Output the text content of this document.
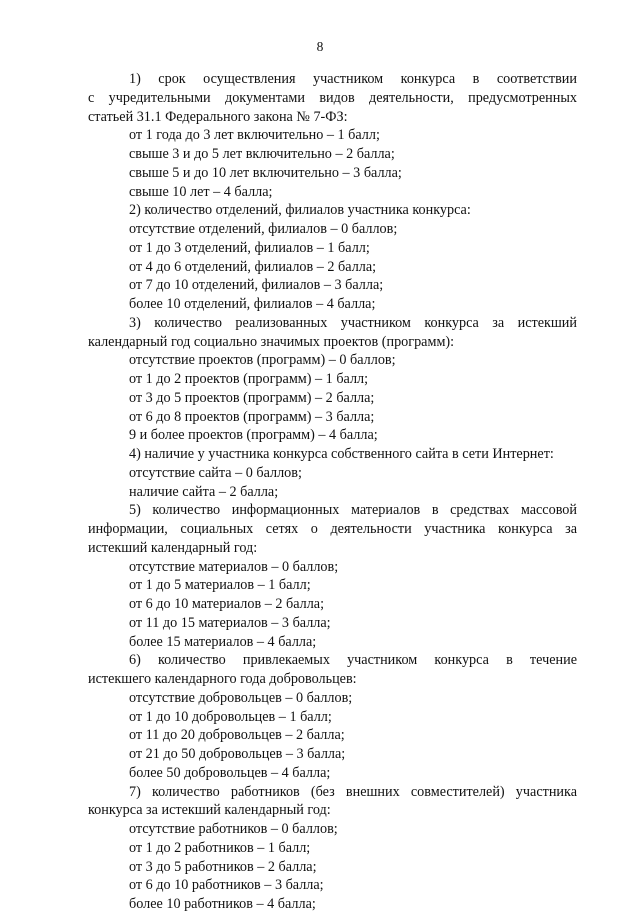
8
1) срок осуществления участником конкурса в соответствии
с учредительными документами видов деятельности, предусмотренных
статьей 31.1 Федерального закона № 7-ФЗ:
от 1 года до 3 лет включительно – 1 балл;
свыше 3 и до 5 лет включительно – 2 балла;
свыше 5 и до 10 лет включительно – 3 балла;
свыше 10 лет – 4 балла;
2) количество отделений, филиалов участника конкурса:
отсутствие отделений, филиалов – 0 баллов;
от 1 до 3 отделений, филиалов – 1 балл;
от 4 до 6 отделений, филиалов – 2 балла;
от 7 до 10 отделений, филиалов – 3 балла;
более 10 отделений, филиалов – 4 балла;
3) количество реализованных участником конкурса за истекший
календарный год социально значимых проектов (программ):
отсутствие проектов (программ) – 0 баллов;
от 1 до 2 проектов (программ) – 1 балл;
от 3 до 5 проектов (программ) – 2 балла;
от 6 до 8 проектов (программ) – 3 балла;
9 и более проектов (программ) – 4 балла;
4) наличие у участника конкурса собственного сайта в сети Интернет:
отсутствие сайта – 0 баллов;
наличие сайта – 2 балла;
5) количество информационных материалов в средствах массовой
информации, социальных сетях о деятельности участника конкурса за
истекший календарный год:
отсутствие материалов – 0 баллов;
от 1 до 5 материалов – 1 балл;
от 6 до 10 материалов – 2 балла;
от 11 до 15 материалов – 3 балла;
более 15 материалов – 4 балла;
6) количество привлекаемых участником конкурса в течение
истекшего календарного года добровольцев:
отсутствие добровольцев – 0 баллов;
от 1 до 10 добровольцев – 1 балл;
от 11 до 20 добровольцев – 2 балла;
от 21 до 50 добровольцев – 3 балла;
более 50 добровольцев – 4 балла;
7) количество работников (без внешних совместителей) участника
конкурса за истекший календарный год:
отсутствие работников – 0 баллов;
от 1 до 2 работников – 1 балл;
от 3 до 5 работников – 2 балла;
от 6 до 10 работников – 3 балла;
более 10 работников – 4 балла;
